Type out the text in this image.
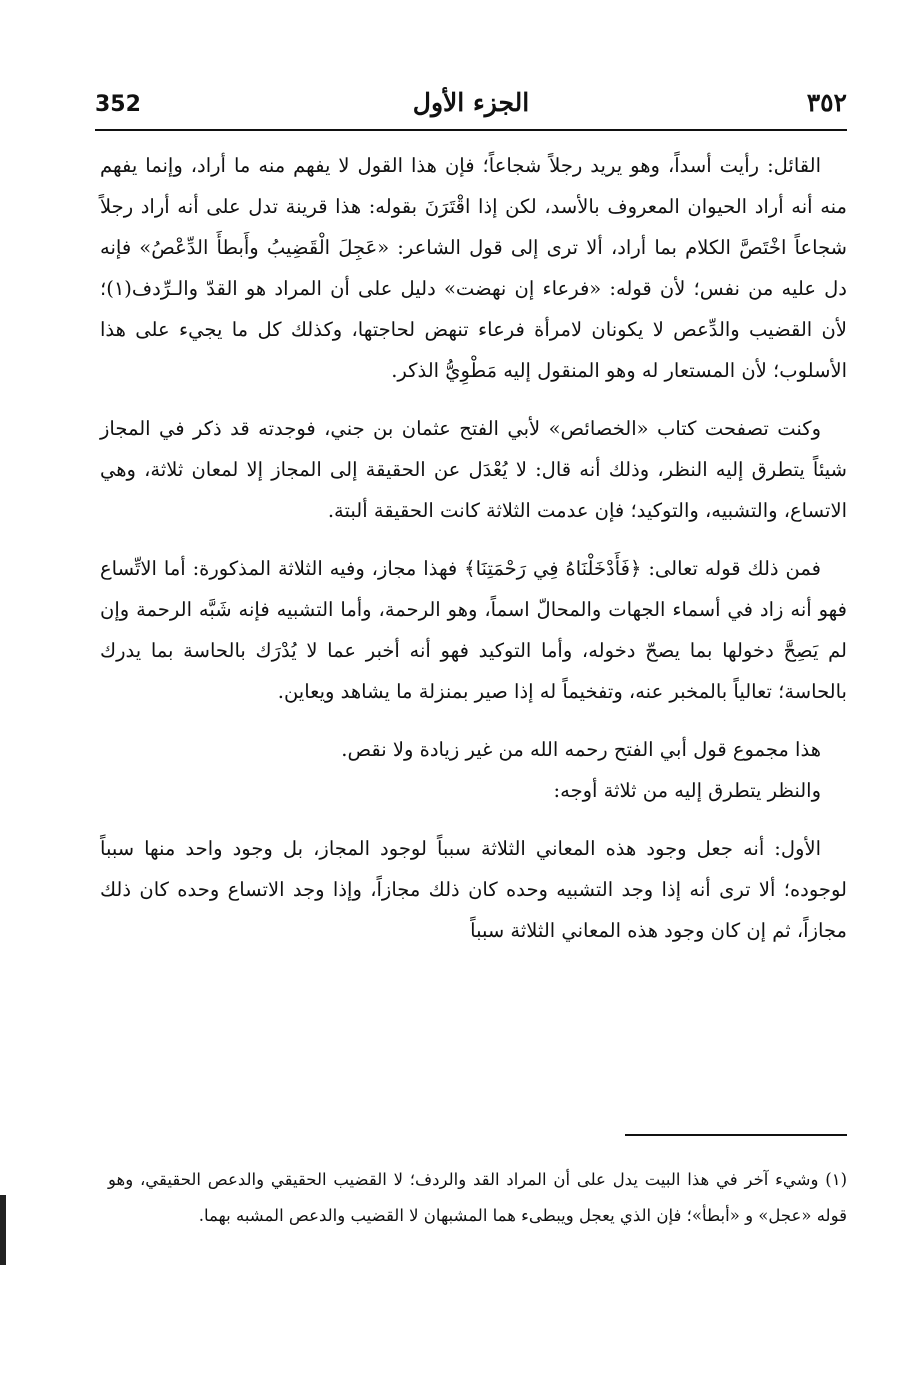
352	الجزء الأول	٣٥٢

القائل: رأيت أسداً، وهو يريد رجلاً شجاعاً؛ فإن هذا القول لا يفهم منه ما أراد، وإنما يفهم منه أنه أراد الحيوان المعروف بالأسد، لكن إذا اقْتَرَنَ بقوله: هذا قرينة تدل على أنه أراد رجلاً شجاعاً اخْتَصَّ الكلام بما أراد، ألا ترى إلى قول الشاعر: «عَجِلَ الْقَضِيبُ وأَبطأَ الدِّعْصُ» فإنه دل عليه من نفس؛ لأن قوله: «فرعاء إن نهضت» دليل على أن المراد هو القدّ والـرِّدف(١)؛ لأن القضيب والدِّعص لا يكونان لامرأة فرعاء تنهض لحاجتها، وكذلك كل ما يجيء على هذا الأسلوب؛ لأن المستعار له وهو المنقول إليه مَطْوِيُّ الذكر.

وكنت تصفحت كتاب «الخصائص» لأبي الفتح عثمان بن جني، فوجدته قد ذكر في المجاز شيئاً يتطرق إليه النظر، وذلك أنه قال: لا يُعْدَل عن الحقيقة إلى المجاز إلا لمعان ثلاثة، وهي الاتساع، والتشبيه، والتوكيد؛ فإن عدمت الثلاثة كانت الحقيقة ألبتة.

فمن ذلك قوله تعالى: ﴿فَأَدْخَلْنَاهُ فِي رَحْمَتِنَا﴾ فهذا مجاز، وفيه الثلاثة المذكورة: أما الاتِّساع فهو أنه زاد في أسماء الجهات والمحالّ اسماً، وهو الرحمة، وأما التشبيه فإنه شَبَّه الرحمة وإن لم يَصِحَّ دخولها بما يصحّ دخوله، وأما التوكيد فهو أنه أخبر عما لا يُدْرَك بالحاسة بما يدرك بالحاسة؛ تعالياً بالمخبر عنه، وتفخيماً له إذا صير بمنزلة ما يشاهد ويعاين.

هذا مجموع قول أبي الفتح رحمه الله من غير زيادة ولا نقص.

والنظر يتطرق إليه من ثلاثة أوجه:

الأول: أنه جعل وجود هذه المعاني الثلاثة سبباً لوجود المجاز، بل وجود واحد منها سبباً لوجوده؛ ألا ترى أنه إذا وجد التشبيه وحده كان ذلك مجازاً، وإذا وجد الاتساع وحده كان ذلك مجازاً، ثم إن كان وجود هذه المعاني الثلاثة سبباً

(١) وشيء آخر في هذا البيت يدل على أن المراد القد والردف؛ لا القضيب الحقيقي والدعص الحقيقي، وهو قوله «عجل» و «أبطأ»؛ فإن الذي يعجل ويبطىء هما المشبهان لا القضيب والدعص المشبه بهما.
